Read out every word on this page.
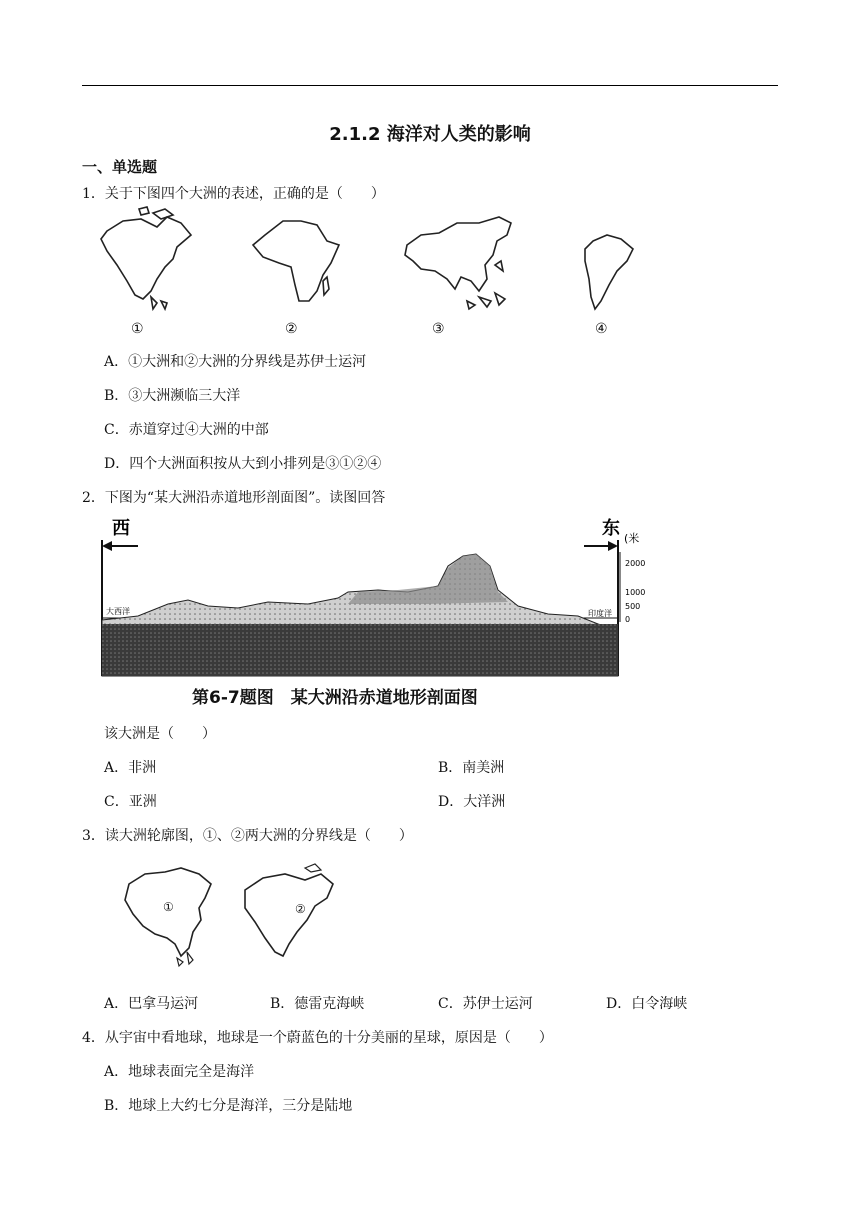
2.1.2 海洋对人类的影响
一、单选题
1．关于下图四个大洲的表述，正确的是（　　）
①	②	③	④
A．①大洲和②大洲的分界线是苏伊士运河
B．③大洲濒临三大洋
C．赤道穿过④大洲的中部
D．四个大洲面积按从大到小排列是③①②④
2．下图为“某大洲沿赤道地形剖面图”。读图回答
西	东 (米
2000
1000
500
0
大西洋	印度洋
第6-7题图　某大洲沿赤道地形剖面图
该大洲是（　　）
A．非洲	B．南美洲
C．亚洲	D．大洋洲
3．读大洲轮廓图，①、②两大洲的分界线是（　　）
①	②
A．巴拿马运河	B．德雷克海峡	C．苏伊士运河	D．白令海峡
4．从宇宙中看地球，地球是一个蔚蓝色的十分美丽的星球，原因是（　　）
A．地球表面完全是海洋
B．地球上大约七分是海洋，三分是陆地
